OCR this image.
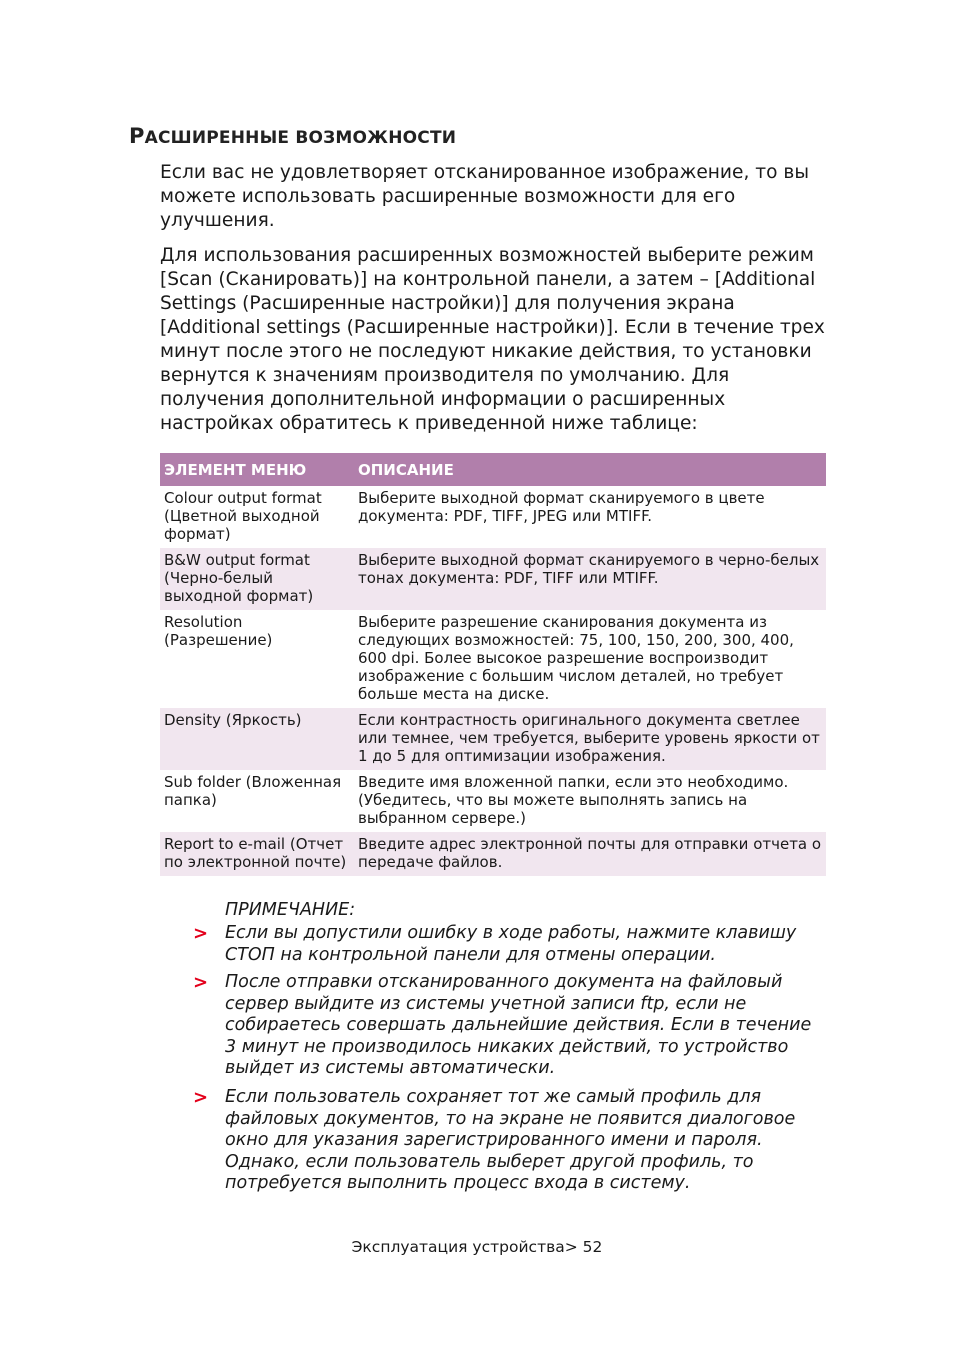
РАСШИРЕННЫЕ ВОЗМОЖНОСТИ

Если вас не удовлетворяет отсканированное изображение, то вы можете использовать расширенные возможности для его улучшения.

Для использования расширенных возможностей выберите режим [Scan (Сканировать)] на контрольной панели, а затем – [Additional Settings (Расширенные настройки)] для получения экрана [Additional settings (Расширенные настройки)]. Если в течение трех минут после этого не последуют никакие действия, то установки вернутся к значениям производителя по умолчанию. Для получения дополнительной информации о расширенных настройках обратитесь к приведенной ниже таблице:

ЭЛЕМЕНТ МЕНЮ	ОПИСАНИЕ
Colour output format (Цветной выходной формат)	Выберите выходной формат сканируемого в цвете документа: PDF, TIFF, JPEG или MTIFF.
B&W output format (Черно-белый выходной формат)	Выберите выходной формат сканируемого в черно-белых тонах документа: PDF, TIFF или MTIFF.
Resolution (Разрешение)	Выберите разрешение сканирования документа из следующих возможностей: 75, 100, 150, 200, 300, 400, 600 dpi. Более высокое разрешение воспроизводит изображение с большим числом деталей, но требует больше места на диске.
Density (Яркость)	Если контрастность оригинального документа светлее или темнее, чем требуется, выберите уровень яркости от 1 до 5 для оптимизации изображения.
Sub folder (Вложенная папка)	Введите имя вложенной папки, если это необходимо. (Убедитесь, что вы можете выполнять запись на выбранном сервере.)
Report to e-mail (Отчет по электронной почте)	Введите адрес электронной почты для отправки отчета о передаче файлов.
ПРИМЕЧАНИЕ:
> Если вы допустили ошибку в ходе работы, нажмите клавишу СТОП на контрольной панели для отмены операции.

> После отправки отсканированного документа на файловый сервер выйдите из системы учетной записи ftp, если не собираетесь совершать дальнейшие действия. Если в течение 3 минут не производилось никаких действий, то устройство выйдет из системы автоматически.

> Если пользователь сохраняет тот же самый профиль для файловых документов, то на экране не появится диалоговое окно для указания зарегистрированного имени и пароля. Однако, если пользователь выберет другой профиль, то потребуется выполнить процесс входа в систему.

Эксплуатация устройства> 52
